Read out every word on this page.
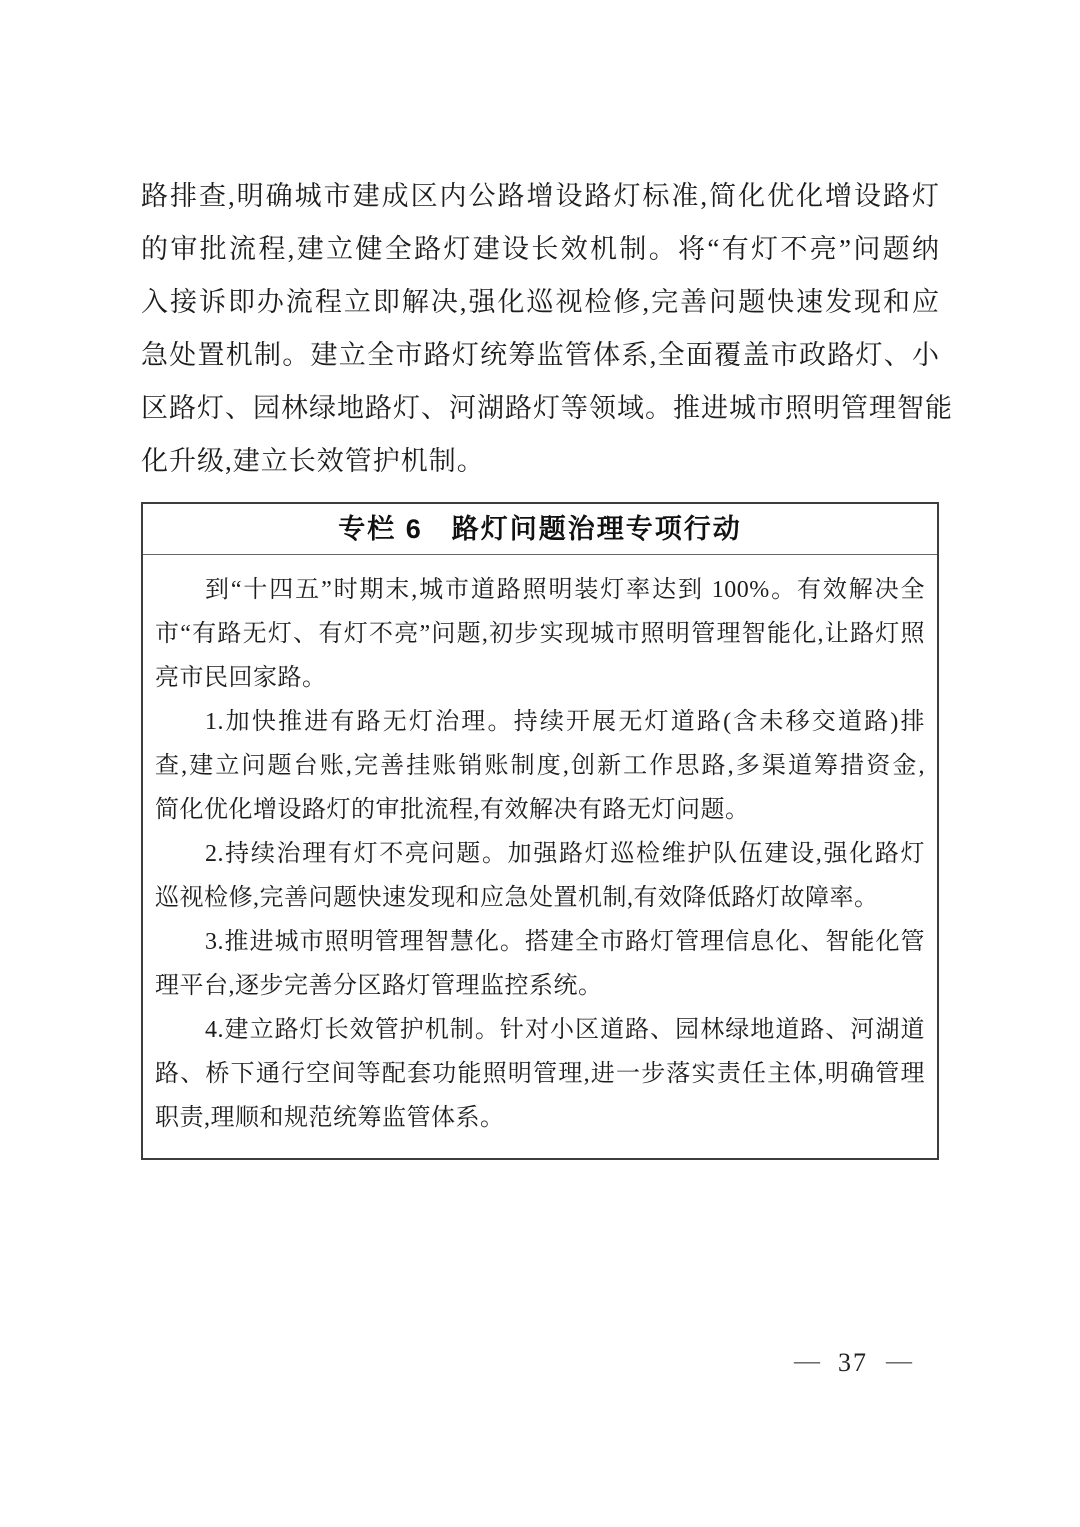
路排查,明确城市建成区内公路增设路灯标准,简化优化增设路灯
的审批流程,建立健全路灯建设长效机制。将“有灯不亮”问题纳
入接诉即办流程立即解决,强化巡视检修,完善问题快速发现和应
急处置机制。建立全市路灯统筹监管体系,全面覆盖市政路灯、小
区路灯、园林绿地路灯、河湖路灯等领域。推进城市照明管理智能
化升级,建立长效管护机制。
专栏 6　路灯问题治理专项行动
到“十四五”时期末,城市道路照明装灯率达到 100%。有效解决全
市“有路无灯、有灯不亮”问题,初步实现城市照明管理智能化,让路灯照
亮市民回家路。
1.加快推进有路无灯治理。持续开展无灯道路(含未移交道路)排
查,建立问题台账,完善挂账销账制度,创新工作思路,多渠道筹措资金,
简化优化增设路灯的审批流程,有效解决有路无灯问题。
2.持续治理有灯不亮问题。加强路灯巡检维护队伍建设,强化路灯
巡视检修,完善问题快速发现和应急处置机制,有效降低路灯故障率。
3.推进城市照明管理智慧化。搭建全市路灯管理信息化、智能化管
理平台,逐步完善分区路灯管理监控系统。
4.建立路灯长效管护机制。针对小区道路、园林绿地道路、河湖道
路、桥下通行空间等配套功能照明管理,进一步落实责任主体,明确管理
职责,理顺和规范统筹监管体系。
— 37 —
